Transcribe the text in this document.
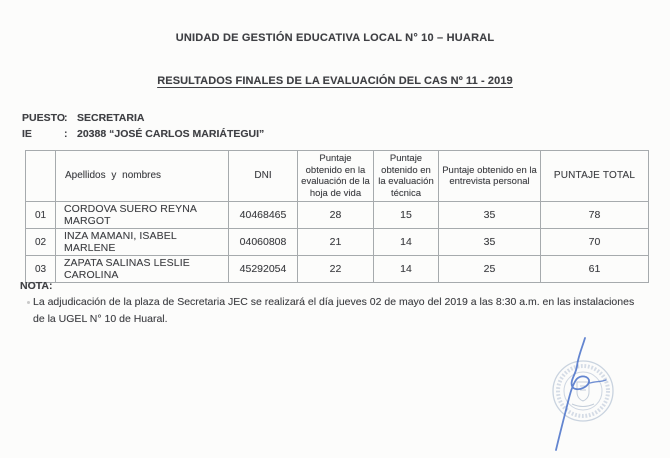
UNIDAD DE GESTIÓN EDUCATIVA LOCAL N° 10 – HUARAL
RESULTADOS FINALES DE LA EVALUACIÓN DEL CAS Nº 11 - 2019
PUESTO : SECRETARIA
IE	: 20388 “JOSÉ CARLOS MARIÁTEGUI”
	Apellidos y nombres	DNI	Puntaje obtenido en la evaluación de la hoja de vida	Puntaje obtenido en la evaluación técnica	Puntaje obtenido en la entrevista personal	PUNTAJE TOTAL
01	CORDOVA SUERO REYNA MARGOT	40468465	28	15	35	78
02	INZA MAMANI, ISABEL MARLENE	04060808	21	14	35	70
03	ZAPATA SALINAS LESLIE CAROLINA	45292054	22	14	25	61
NOTA:
La adjudicación de la plaza de Secretaria JEC se realizará el día jueves 02 de mayo del 2019 a las 8:30 a.m. en las instalaciones de la UGEL N° 10 de Huaral.
